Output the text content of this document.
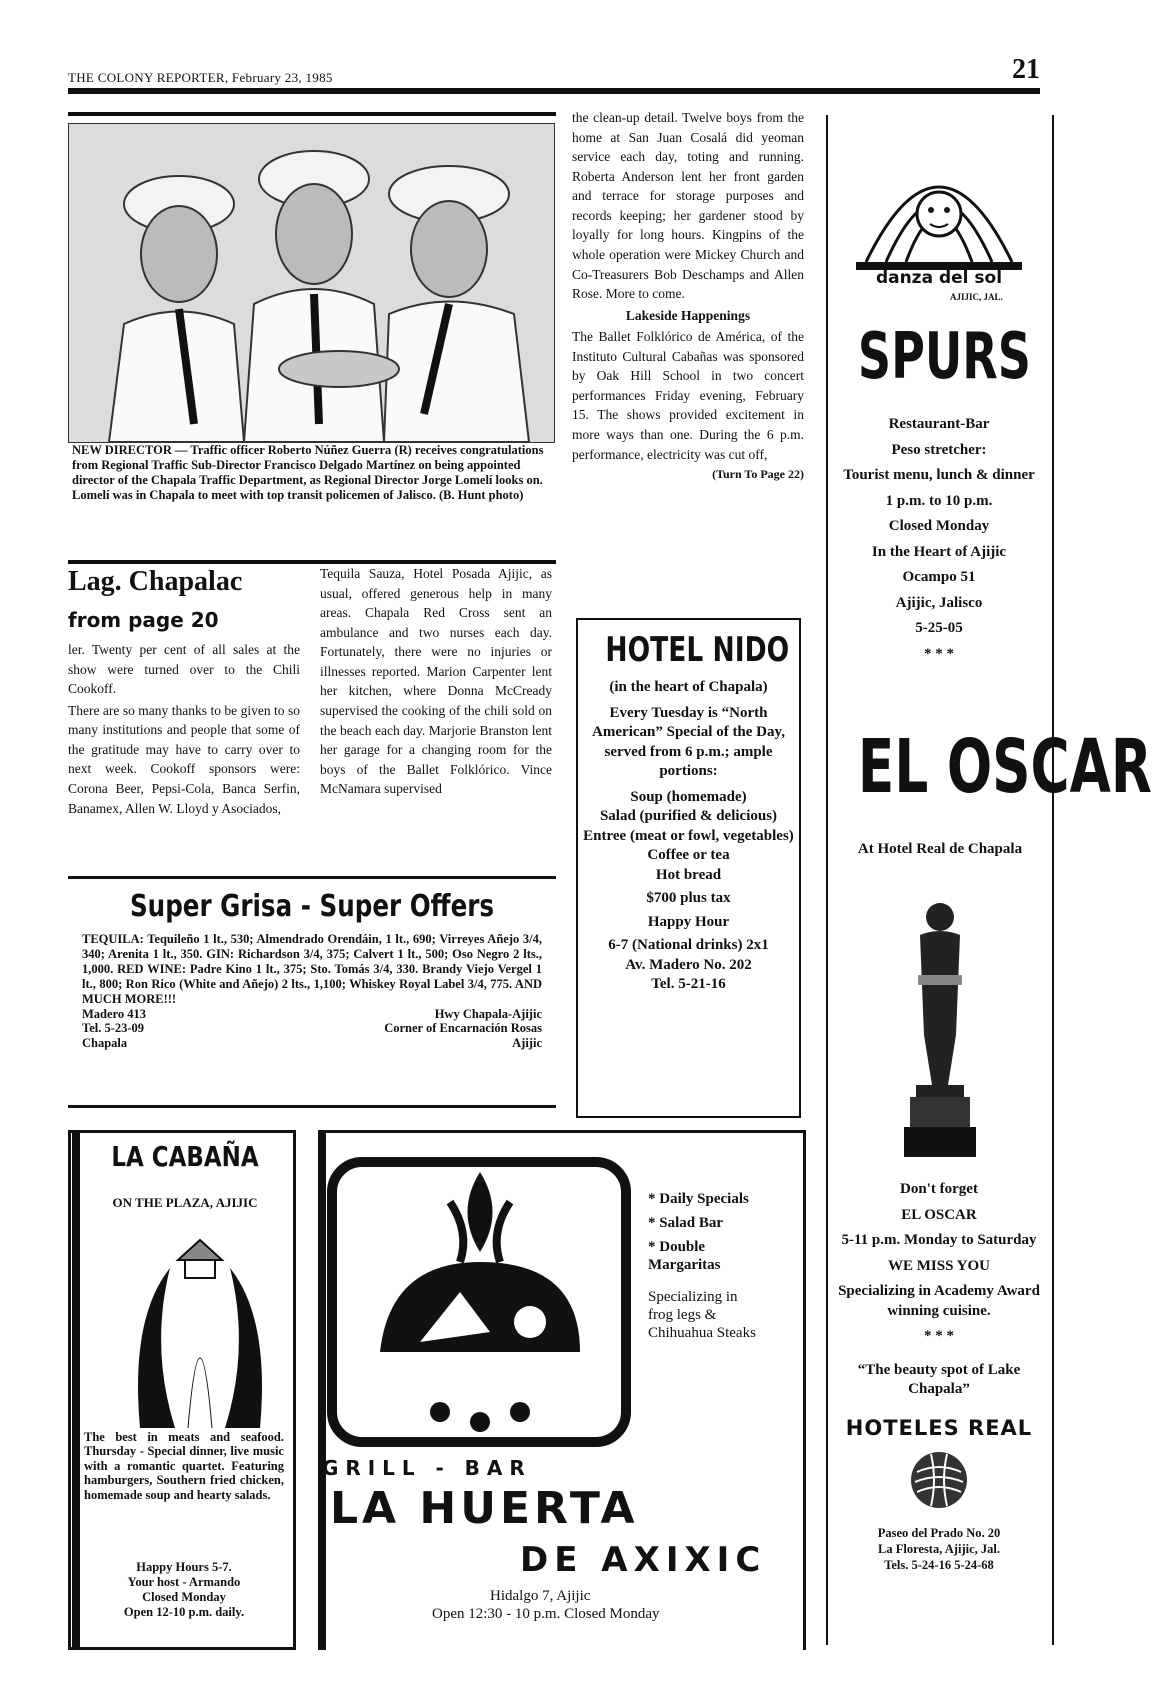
THE COLONY REPORTER, February 23, 1985	21
NEW DIRECTOR — Traffic officer Roberto Núñez Guerra (R) receives congratulations from Regional Traffic Sub-Director Francisco Delgado Martínez on being appointed director of the Chapala Traffic Department, as Regional Director Jorge Lomelí looks on. Lomelí was in Chapala to meet with top transit policemen of Jalisco. (B. Hunt photo)
Lag. Chapalac
from page 20

ler. Twenty per cent of all sales at the show were turned over to the Chili Cookoff.

There are so many thanks to be given to so many institutions and people that some of the gratitude may have to carry over to next week. Cookoff sponsors were: Corona Beer, Pepsi-Cola, Banca Serfin, Banamex, Allen W. Lloyd y Asociados,

Tequila Sauza, Hotel Posada Ajijic, as usual, offered generous help in many areas. Chapala Red Cross sent an ambulance and two nurses each day. Fortunately, there were no injuries or illnesses reported. Marion Carpenter lent her kitchen, where Donna McCready supervised the cooking of the chili sold on the beach each day. Marjorie Branston lent her garage for a changing room for the boys of the Ballet Folklórico. Vince McNamara supervised

the clean-up detail. Twelve boys from the home at San Juan Cosalá did yeoman service each day, toting and running. Roberta Anderson lent her front garden and terrace for storage purposes and records keeping; her gardener stood by loyally for long hours. Kingpins of the whole operation were Mickey Church and Co-Treasurers Bob Deschamps and Allen Rose. More to come.

Lakeside Happenings

The Ballet Folklórico de América, of the Instituto Cultural Cabañas was sponsored by Oak Hill School in two concert performances Friday evening, February 15. The shows provided excitement in more ways than one. During the 6 p.m. performance, electricity was cut off,

(Turn To Page 22)

Super Grisa - Super Offers
TEQUILA: Tequileño 1 lt., 530; Almendrado Orendáin, 1 lt., 690; Virreyes Añejo 3/4, 340; Arenita 1 lt., 350. GIN: Richardson 3/4, 375; Calvert 1 lt., 500; Oso Negro 2 lts., 1,000. RED WINE: Padre Kino 1 lt., 375; Sto. Tomás 3/4, 330. Brandy Viejo Vergel 1 lt., 800; Ron Rico (White and Añejo) 2 lts., 1,100; Whiskey Royal Label 3/4, 775. AND MUCH MORE!!!
Madero 413
Tel. 5-23-09
Chapala
Hwy Chapala-Ajijic
Corner of Encarnación Rosas
Ajijic
HOTEL NIDO
(in the heart of Chapala)
Every Tuesday is “North American” Special of the Day, served from 6 p.m.; ample portions:
Soup (homemade)
Salad (purified & delicious)
Entree (meat or fowl, vegetables)
Coffee or tea
Hot bread
$700 plus tax
Happy Hour
6-7 (National drinks) 2x1
Av. Madero No. 202
Tel. 5-21-16
danza del sol
AJIJIC, JAL.
SPURS
Restaurant-Bar
Peso stretcher:
Tourist menu, lunch & dinner
1 p.m. to 10 p.m.
Closed Monday
In the Heart of Ajijic
Ocampo 51
Ajijic, Jalisco
5-25-05
* * *
EL OSCAR
At Hotel Real de Chapala
Don't forget
EL OSCAR
5-11 p.m. Monday to Saturday
WE MISS YOU
Specializing in Academy Award winning cuisine.
* * *
“The beauty spot of Lake Chapala”
HOTELES REAL
Paseo del Prado No. 20
La Floresta, Ajijic, Jal.
Tels. 5-24-16 5-24-68
LA CABAÑA
ON THE PLAZA, AJIJIC
The best in meats and seafood. Thursday - Special dinner, live music with a romantic quartet. Featuring hamburgers, Southern fried chicken, homemade soup and hearty salads.
Happy Hours 5-7.
Your host - Armando
Closed Monday
Open 12-10 p.m. daily.
G R I L L   -   B A R
LA HUERTA
DE AXIXIC
Hidalgo 7, Ajijic
Open 12:30 - 10 p.m. Closed Monday
* Daily Specials
* Salad Bar
* Double Margaritas
Specializing in frog legs & Chihuahua Steaks
